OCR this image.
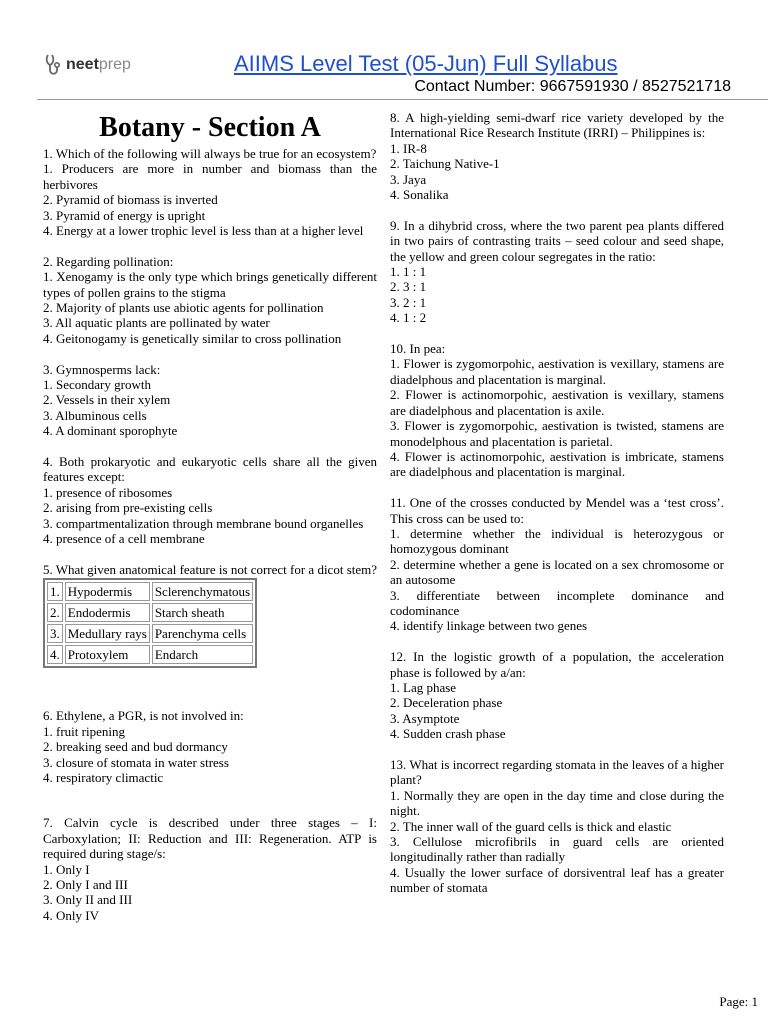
neetprep	AIIMS Level Test (05-Jun) Full Syllabus
Contact Number: 9667591930 / 8527521718
Botany - Section A

1. Which of the following will always be true for an ecosystem?

1. Producers are more in number and biomass than the herbivores

2. Pyramid of biomass is inverted

3. Pyramid of energy is upright

4. Energy at a lower trophic level is less than at a higher level

2. Regarding pollination:

1. Xenogamy is the only type which brings genetically different types of pollen grains to the stigma

2. Majority of plants use abiotic agents for pollination

3. All aquatic plants are pollinated by water

4. Geitonogamy is genetically similar to cross pollination

3. Gymnosperms lack:

1. Secondary growth

2. Vessels in their xylem

3. Albuminous cells

4. A dominant sporophyte

4. Both prokaryotic and eukaryotic cells share all the given features except:

1. presence of ribosomes

2. arising from pre-existing cells

3. compartmentalization through membrane bound organelles

4. presence of a cell membrane

5. What given anatomical feature is not correct for a dicot stem?

1.	Hypodermis	Sclerenchymatous
2.	Endodermis	Starch sheath
3.	Medullary rays	Parenchyma cells
4.	Protoxylem	Endarch

6. Ethylene, a PGR, is not involved in:

1. fruit ripening

2. breaking seed and bud dormancy

3. closure of stomata in water stress

4. respiratory climactic

7. Calvin cycle is described under three stages – I: Carboxylation; II: Reduction and III: Regeneration. ATP is required during stage/s:

1. Only I

2. Only I and III

3. Only II and III

4. Only IV

8. A high-yielding semi-dwarf rice variety developed by the International Rice Research Institute (IRRI) – Philippines is:

1. IR-8

2. Taichung Native-1

3. Jaya

4. Sonalika

9. In a dihybrid cross, where the two parent pea plants differed in two pairs of contrasting traits – seed colour and seed shape, the yellow and green colour segregates in the ratio:

1. 1 : 1

2. 3 : 1

3. 2 : 1

4. 1 : 2

10. In pea:

1. Flower is zygomorpohic, aestivation is vexillary, stamens are diadelphous and placentation is marginal.

2. Flower is actinomorpohic, aestivation is vexillary, stamens are diadelphous and placentation is axile.

3. Flower is zygomorpohic, aestivation is twisted, stamens are monodelphous and placentation is parietal.

4. Flower is actinomorpohic, aestivation is imbricate, stamens are diadelphous and placentation is marginal.

11. One of the crosses conducted by Mendel was a ‘test cross’. This cross can be used to:

1. determine whether the individual is heterozygous or homozygous dominant

2. determine whether a gene is located on a sex chromosome or an autosome

3. differentiate between incomplete dominance and codominance

4. identify linkage between two genes

12. In the logistic growth of a population, the acceleration phase is followed by a/an:

1. Lag phase

2. Deceleration phase

3. Asymptote

4. Sudden crash phase

13. What is incorrect regarding stomata in the leaves of a higher plant?

1. Normally they are open in the day time and close during the night.

2. The inner wall of the guard cells is thick and elastic

3. Cellulose microfibrils in guard cells are oriented longitudinally rather than radially

4. Usually the lower surface of dorsiventral leaf has a greater number of stomata

Page: 1
